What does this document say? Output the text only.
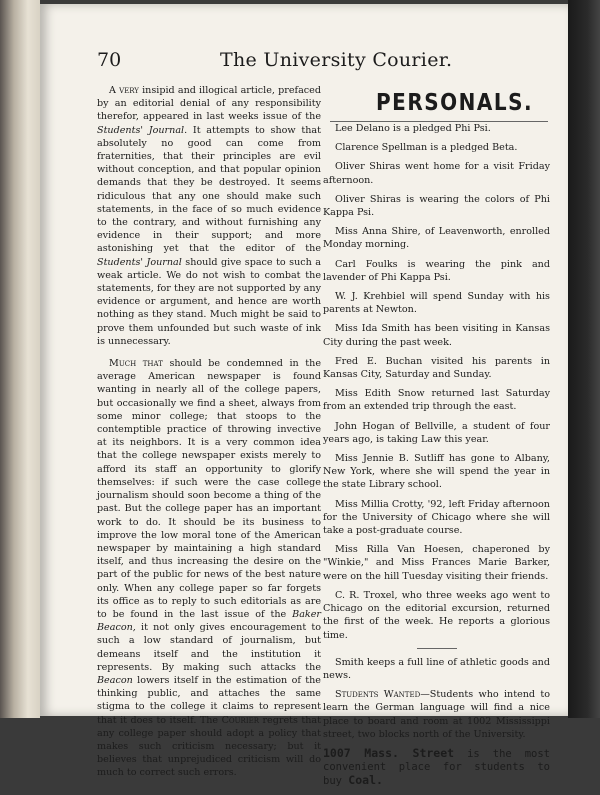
70	The University Courier.

A very insipid and illogical article, prefaced by an editorial denial of any responsibility therefor, appeared in last weeks issue of the Students' Journal. It attempts to show that absolutely no good can come from fraternities, that their principles are evil without conception, and that popular opinion demands that they be destroyed. It seems ridiculous that any one should make such statements, in the face of so much evidence to the contrary, and without furnishing any evidence in their support; and more astonishing yet that the editor of the Students' Journal should give space to such a weak article. We do not wish to combat the statements, for they are not supported by any evidence or argument, and hence are worth nothing as they stand. Much might be said to prove them unfounded but such waste of ink is unnecessary.

Much that should be condemned in the average American newspaper is found wanting in nearly all of the college papers, but occasionally we find a sheet, always from some minor college; that stoops to the contemptible practice of throwing invective at its neighbors. It is a very common idea that the college newspaper exists merely to afford its staff an opportunity to glorify themselves: if such were the case college journalism should soon become a thing of the past. But the college paper has an important work to do. It should be its business to improve the low moral tone of the American newspaper by maintaining a high standard itself, and thus increasing the desire on the part of the public for news of the best nature only. When any college paper so far forgets its office as to reply to such editorials as are to be found in the last issue of the Baker Beacon, it not only gives encouragement to such a low standard of journalism, but demeans itself and the institution it represents. By making such attacks the Beacon lowers itself in the estimation of the thinking public, and attaches the same stigma to the college it claims to represent that it does to itself. The Courier regrets that any college paper should adopt a policy that makes such criticism necessary; but it believes that unprejudiced criticism will do much to correct such errors.

PERSONALS.

Lee Delano is a pledged Phi Psi.

Clarence Spellman is a pledged Beta.

Oliver Shiras went home for a visit Friday afternoon.

Oliver Shiras is wearing the colors of Phi Kappa Psi.

Miss Anna Shire, of Leavenworth, enrolled Monday morning.

Carl Foulks is wearing the pink and lavender of Phi Kappa Psi.

W. J. Krehbiel will spend Sunday with his parents at Newton.

Miss Ida Smith has been visiting in Kansas City during the past week.

Fred E. Buchan visited his parents in Kansas City, Saturday and Sunday.

Miss Edith Snow returned last Saturday from an extended trip through the east.

John Hogan of Bellville, a student of four years ago, is taking Law this year.

Miss Jennie B. Sutliff has gone to Albany, New York, where she will spend the year in the state Library school.

Miss Millia Crotty, '92, left Friday afternoon for the University of Chicago where she will take a post-graduate course.

Miss Rilla Van Hoesen, chaperoned by "Winkie," and Miss Frances Marie Barker, were on the hill Tuesday visiting their friends.

C. R. Troxel, who three weeks ago went to Chicago on the editorial excursion, returned the first of the week. He reports a glorious time.

Smith keeps a full line of athletic goods and news.

Students Wanted—Students who intend to learn the German language will find a nice place to board and room at 1002 Mississippi street, two blocks north of the University.

1007 Mass. Street is the most convenient place for students to buy Coal.
